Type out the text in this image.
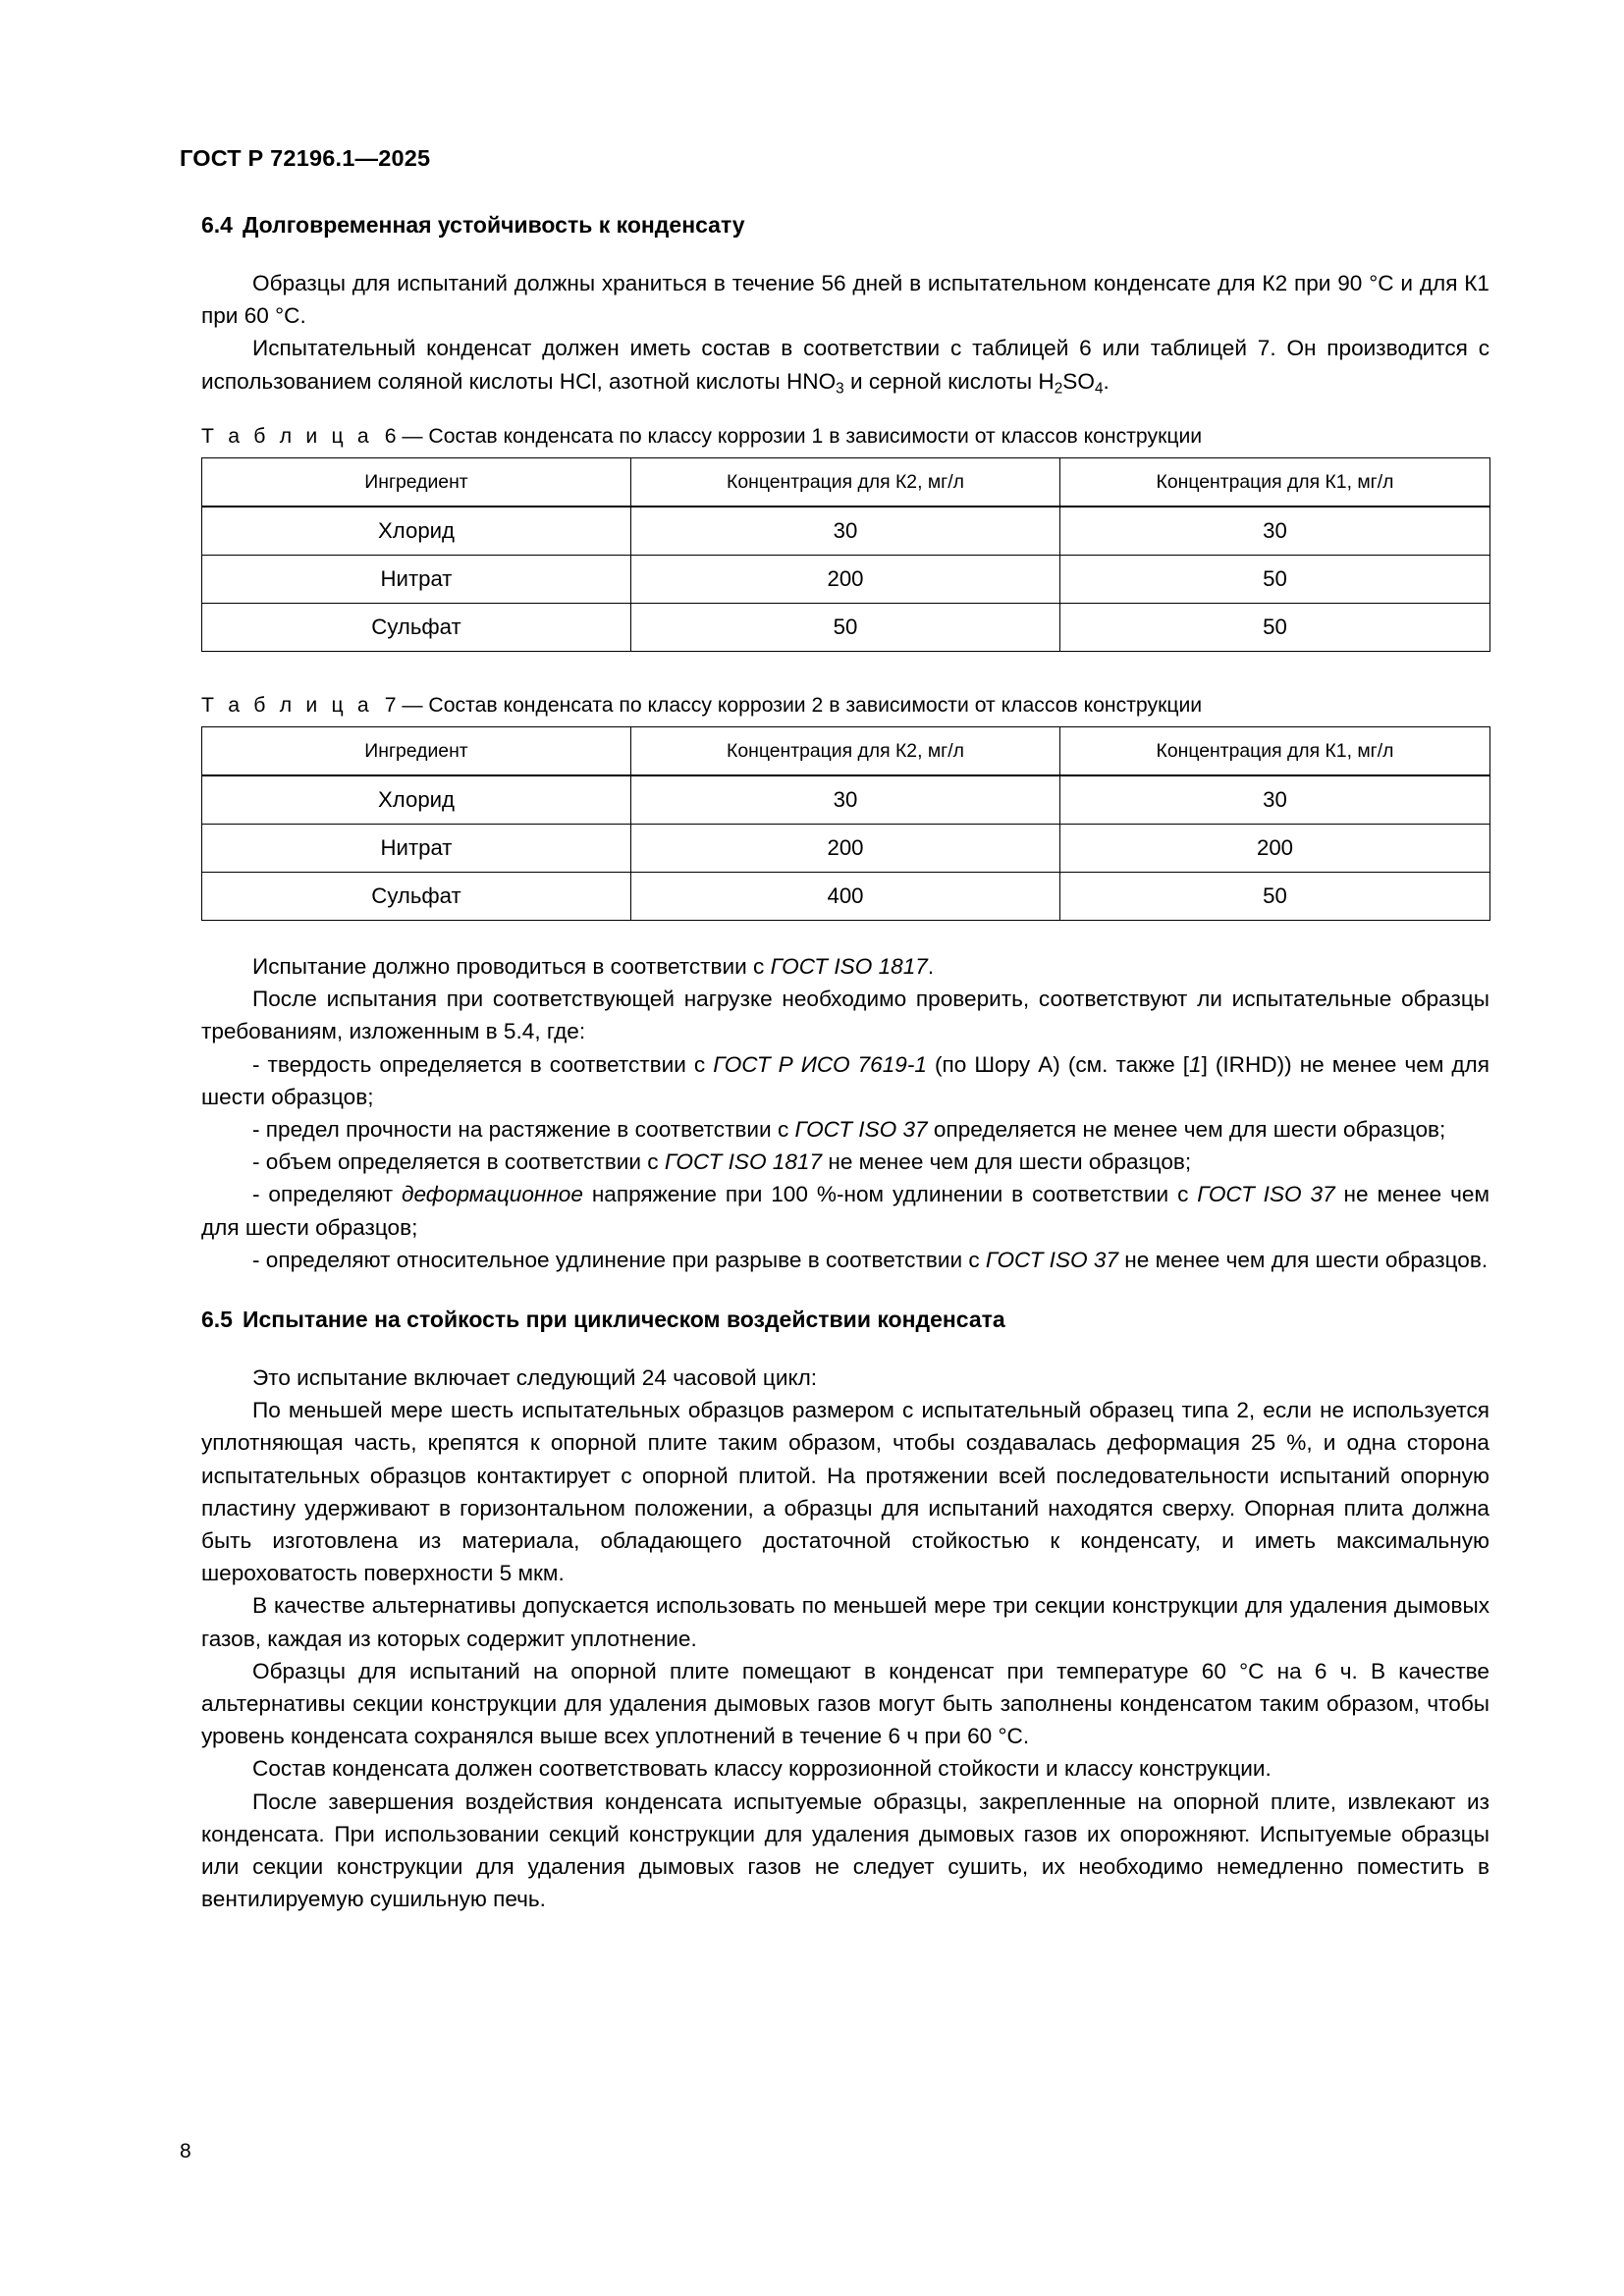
ГОСТ Р 72196.1—2025
6.4 Долговременная устойчивость к конденсату

Образцы для испытаний должны храниться в течение 56 дней в испытательном конденсате для К2 при 90 °С и для К1 при 60 °С.

Испытательный конденсат должен иметь состав в соответствии с таблицей 6 или таблицей 7. Он производится с использованием соляной кислоты HCl, азотной кислоты $HNO_3$ и серной кислоты $H_2SO_4$.

Т а б л и ц а 6 — Состав конденсата по классу коррозии 1 в зависимости от классов конструкции

Ингредиент	Концентрация для К2, мг/л	Концентрация для К1, мг/л

Хлорид	30	30
Нитрат	200	50
Сульфат	50	50

Т а б л и ц а 7 — Состав конденсата по классу коррозии 2 в зависимости от классов конструкции

Ингредиент	Концентрация для К2, мг/л	Концентрация для К1, мг/л

Хлорид	30	30
Нитрат	200	200
Сульфат	400	50

Испытание должно проводиться в соответствии с ГОСТ ISO 1817.

После испытания при соответствующей нагрузке необходимо проверить, соответствуют ли испытательные образцы требованиям, изложенным в 5.4, где:

- твердость определяется в соответствии с ГОСТ Р ИСО 7619-1 (по Шору А) (см. также [1] (IRHD)) не менее чем для шести образцов;

- предел прочности на растяжение в соответствии с ГОСТ ISO 37 определяется не менее чем для шести образцов;

- объем определяется в соответствии с ГОСТ ISO 1817 не менее чем для шести образцов;

- определяют деформационное напряжение при 100 %-ном удлинении в соответствии с ГОСТ ISO 37 не менее чем для шести образцов;

- определяют относительное удлинение при разрыве в соответствии с ГОСТ ISO 37 не менее чем для шести образцов.

6.5 Испытание на стойкость при циклическом воздействии конденсата

Это испытание включает следующий 24 часовой цикл:

По меньшей мере шесть испытательных образцов размером с испытательный образец типа 2, если не используется уплотняющая часть, крепятся к опорной плите таким образом, чтобы создавалась деформация 25 %, и одна сторона испытательных образцов контактирует с опорной плитой. На протяжении всей последовательности испытаний опорную пластину удерживают в горизонтальном положении, а образцы для испытаний находятся сверху. Опорная плита должна быть изготовлена из материала, обладающего достаточной стойкостью к конденсату, и иметь максимальную шероховатость поверхности 5 мкм.

В качестве альтернативы допускается использовать по меньшей мере три секции конструкции для удаления дымовых газов, каждая из которых содержит уплотнение.

Образцы для испытаний на опорной плите помещают в конденсат при температуре 60 °С на 6 ч. В качестве альтернативы секции конструкции для удаления дымовых газов могут быть заполнены конденсатом таким образом, чтобы уровень конденсата сохранялся выше всех уплотнений в течение 6 ч при 60 °С.

Состав конденсата должен соответствовать классу коррозионной стойкости и классу конструкции.

После завершения воздействия конденсата испытуемые образцы, закрепленные на опорной плите, извлекают из конденсата. При использовании секций конструкции для удаления дымовых газов их опорожняют. Испытуемые образцы или секции конструкции для удаления дымовых газов не следует сушить, их необходимо немедленно поместить в вентилируемую сушильную печь.

8
